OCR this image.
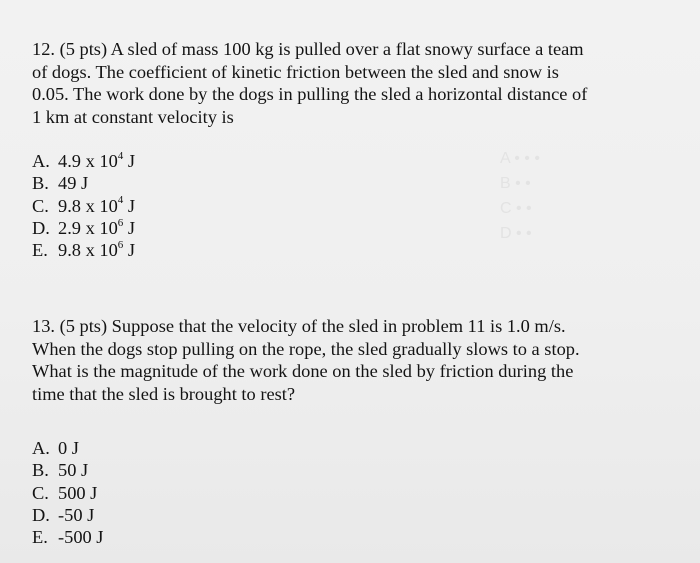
A • • •
B • •
C • •
D • •

12. (5 pts) A sled of mass 100 kg is pulled over a flat snowy surface a team
of dogs. The coefficient of kinetic friction between the sled and snow is
0.05. The work done by the dogs in pulling the sled a horizontal distance of
1 km at constant velocity is

A. 4.9 x $10^4$ J
B. 49 J
C. 9.8 x $10^4$ J
D. 2.9 x $10^6$ J
E. 9.8 x $10^6$ J

13. (5 pts) Suppose that the velocity of the sled in problem 11 is 1.0 m/s.
When the dogs stop pulling on the rope, the sled gradually slows to a stop.
What is the magnitude of the work done on the sled by friction during the
time that the sled is brought to rest?

A. 0 J
B. 50 J
C. 500 J
D. -50 J
E. -500 J
